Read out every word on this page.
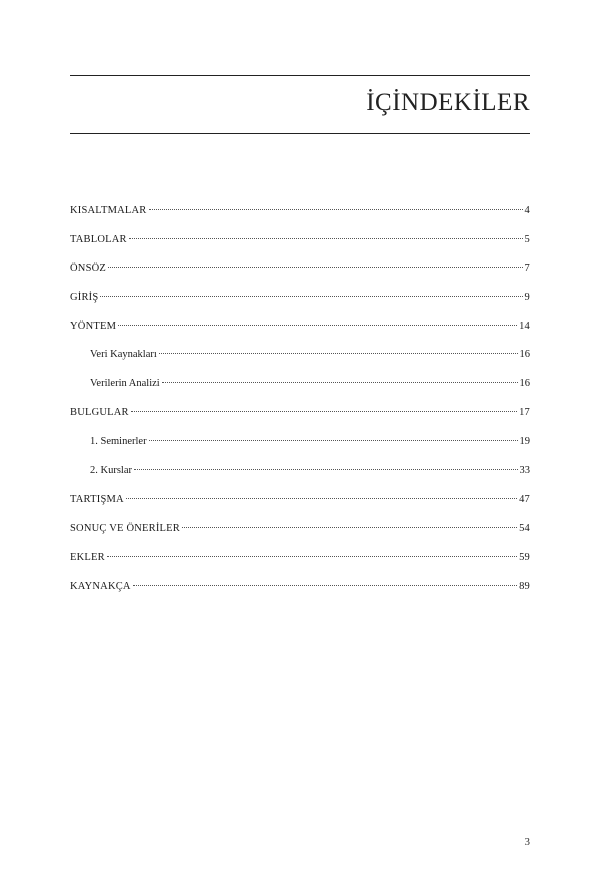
İÇİNDEKİLER
KISALTMALAR	4
TABLOLAR	5
ÖNSÖZ	7
GİRİŞ	9
YÖNTEM	14
Veri Kaynakları	16
Verilerin Analizi	16
BULGULAR	17
1. Seminerler	19
2. Kurslar	33
TARTIŞMA	47
SONUÇ VE ÖNERİLER	54
EKLER	59
KAYNAKÇA	89
3
